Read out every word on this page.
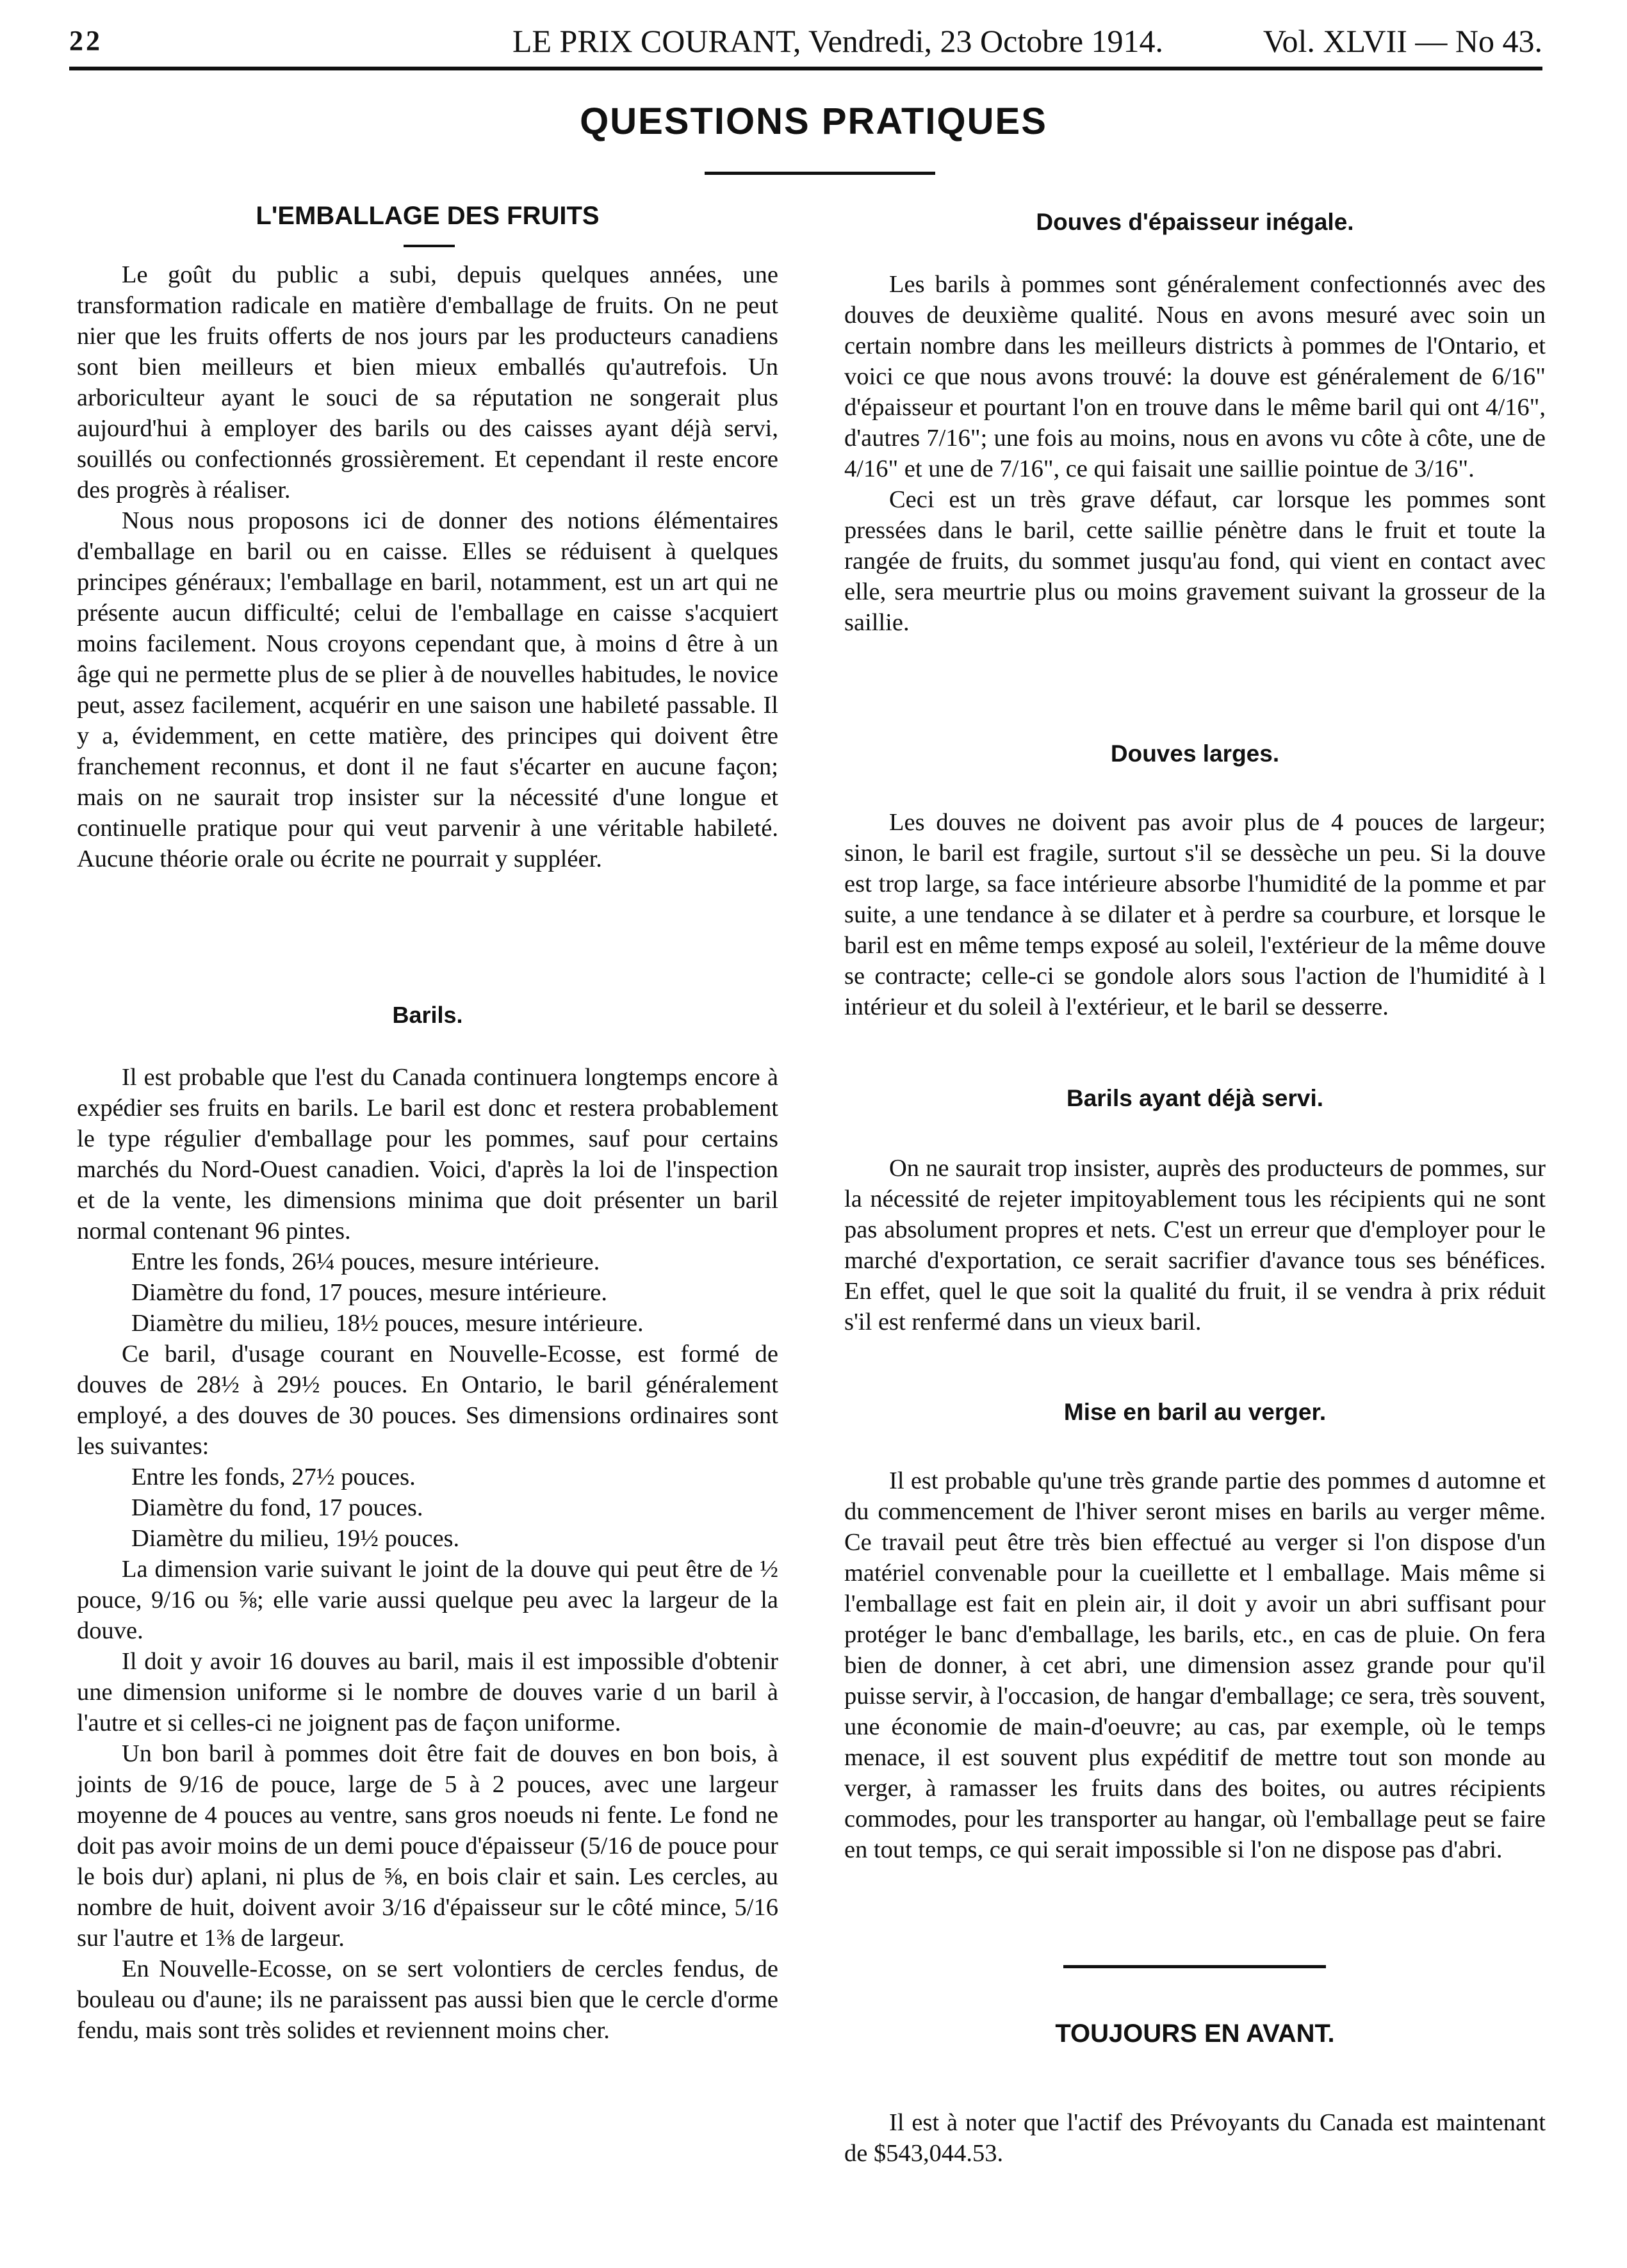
22	LE PRIX COURANT, Vendredi, 23 Octobre 1914.	Vol. XLVII — No 43.
QUESTIONS PRATIQUES
L'EMBALLAGE DES FRUITS

Le goût du public a subi, depuis quelques années, une transformation radicale en matière d'emballage de fruits. On ne peut nier que les fruits offerts de nos jours par les producteurs canadiens sont bien meilleurs et bien mieux emballés qu'autrefois. Un arboriculteur ayant le souci de sa réputation ne songerait plus aujourd'hui à employer des barils ou des caisses ayant déjà servi, souillés ou confectionnés grossièrement. Et cependant il reste encore des progrès à réaliser.

Nous nous proposons ici de donner des notions élémentaires d'emballage en baril ou en caisse. Elles se réduisent à quelques principes généraux; l'emballage en baril, notamment, est un art qui ne présente aucun difficulté; celui de l'emballage en caisse s'acquiert moins facilement. Nous croyons cependant que, à moins d être à un âge qui ne permette plus de se plier à de nouvelles habitudes, le novice peut, assez facilement, acquérir en une saison une habileté passable. Il y a, évidemment, en cette matière, des principes qui doivent être franchement reconnus, et dont il ne faut s'écarter en aucune façon; mais on ne saurait trop insister sur la nécessité d'une longue et continuelle pratique pour qui veut parvenir à une véritable habileté. Aucune théorie orale ou écrite ne pourrait y suppléer.

Barils.

Il est probable que l'est du Canada continuera longtemps encore à expédier ses fruits en barils. Le baril est donc et restera probablement le type régulier d'emballage pour les pommes, sauf pour certains marchés du Nord-Ouest canadien. Voici, d'après la loi de l'inspection et de la vente, les dimensions minima que doit présenter un baril normal contenant 96 pintes.

Entre les fonds, 26¼ pouces, mesure intérieure.
Diamètre du fond, 17 pouces, mesure intérieure.
Diamètre du milieu, 18½ pouces, mesure intérieure.

Ce baril, d'usage courant en Nouvelle-Ecosse, est formé de douves de 28½ à 29½ pouces. En Ontario, le baril généralement employé, a des douves de 30 pouces. Ses dimensions ordinaires sont les suivantes:

Entre les fonds, 27½ pouces.
Diamètre du fond, 17 pouces.
Diamètre du milieu, 19½ pouces.

La dimension varie suivant le joint de la douve qui peut être de ½ pouce, 9/16 ou ⅝; elle varie aussi quelque peu avec la largeur de la douve.

Il doit y avoir 16 douves au baril, mais il est impossible d'obtenir une dimension uniforme si le nombre de douves varie d un baril à l'autre et si celles-ci ne joignent pas de façon uniforme.

Un bon baril à pommes doit être fait de douves en bon bois, à joints de 9/16 de pouce, large de 5 à 2 pouces, avec une largeur moyenne de 4 pouces au ventre, sans gros noeuds ni fente. Le fond ne doit pas avoir moins de un demi pouce d'épaisseur (5/16 de pouce pour le bois dur) aplani, ni plus de ⅝, en bois clair et sain. Les cercles, au nombre de huit, doivent avoir 3/16 d'épaisseur sur le côté mince, 5/16 sur l'autre et 1⅜ de largeur.

En Nouvelle-Ecosse, on se sert volontiers de cercles fendus, de bouleau ou d'aune; ils ne paraissent pas aussi bien que le cercle d'orme fendu, mais sont très solides et reviennent moins cher.

Douves d'épaisseur inégale.

Les barils à pommes sont généralement confectionnés avec des douves de deuxième qualité. Nous en avons mesuré avec soin un certain nombre dans les meilleurs districts à pommes de l'Ontario, et voici ce que nous avons trouvé: la douve est généralement de 6/16" d'épaisseur et pourtant l'on en trouve dans le même baril qui ont 4/16", d'autres 7/16"; une fois au moins, nous en avons vu côte à côte, une de 4/16" et une de 7/16", ce qui faisait une saillie pointue de 3/16".

Ceci est un très grave défaut, car lorsque les pommes sont pressées dans le baril, cette saillie pénètre dans le fruit et toute la rangée de fruits, du sommet jusqu'au fond, qui vient en contact avec elle, sera meurtrie plus ou moins gravement suivant la grosseur de la saillie.

Douves larges.

Les douves ne doivent pas avoir plus de 4 pouces de largeur; sinon, le baril est fragile, surtout s'il se dessèche un peu. Si la douve est trop large, sa face intérieure absorbe l'humidité de la pomme et par suite, a une tendance à se dilater et à perdre sa courbure, et lorsque le baril est en même temps exposé au soleil, l'extérieur de la même douve se contracte; celle-ci se gondole alors sous l'action de l'humidité à l intérieur et du soleil à l'extérieur, et le baril se desserre.

Barils ayant déjà servi.

On ne saurait trop insister, auprès des producteurs de pommes, sur la nécessité de rejeter impitoyablement tous les récipients qui ne sont pas absolument propres et nets. C'est un erreur que d'employer pour le marché d'exportation, ce serait sacrifier d'avance tous ses bénéfices. En effet, quel le que soit la qualité du fruit, il se vendra à prix réduit s'il est renfermé dans un vieux baril.

Mise en baril au verger.

Il est probable qu'une très grande partie des pommes d automne et du commencement de l'hiver seront mises en barils au verger même. Ce travail peut être très bien effectué au verger si l'on dispose d'un matériel convenable pour la cueillette et l emballage. Mais même si l'emballage est fait en plein air, il doit y avoir un abri suffisant pour protéger le banc d'emballage, les barils, etc., en cas de pluie. On fera bien de donner, à cet abri, une dimension assez grande pour qu'il puisse servir, à l'occasion, de hangar d'emballage; ce sera, très souvent, une économie de main-d'oeuvre; au cas, par exemple, où le temps menace, il est souvent plus expéditif de mettre tout son monde au verger, à ramasser les fruits dans des boites, ou autres récipients commodes, pour les transporter au hangar, où l'emballage peut se faire en tout temps, ce qui serait impossible si l'on ne dispose pas d'abri.

TOUJOURS EN AVANT.

Il est à noter que l'actif des Prévoyants du Canada est maintenant de $543,044.53.
